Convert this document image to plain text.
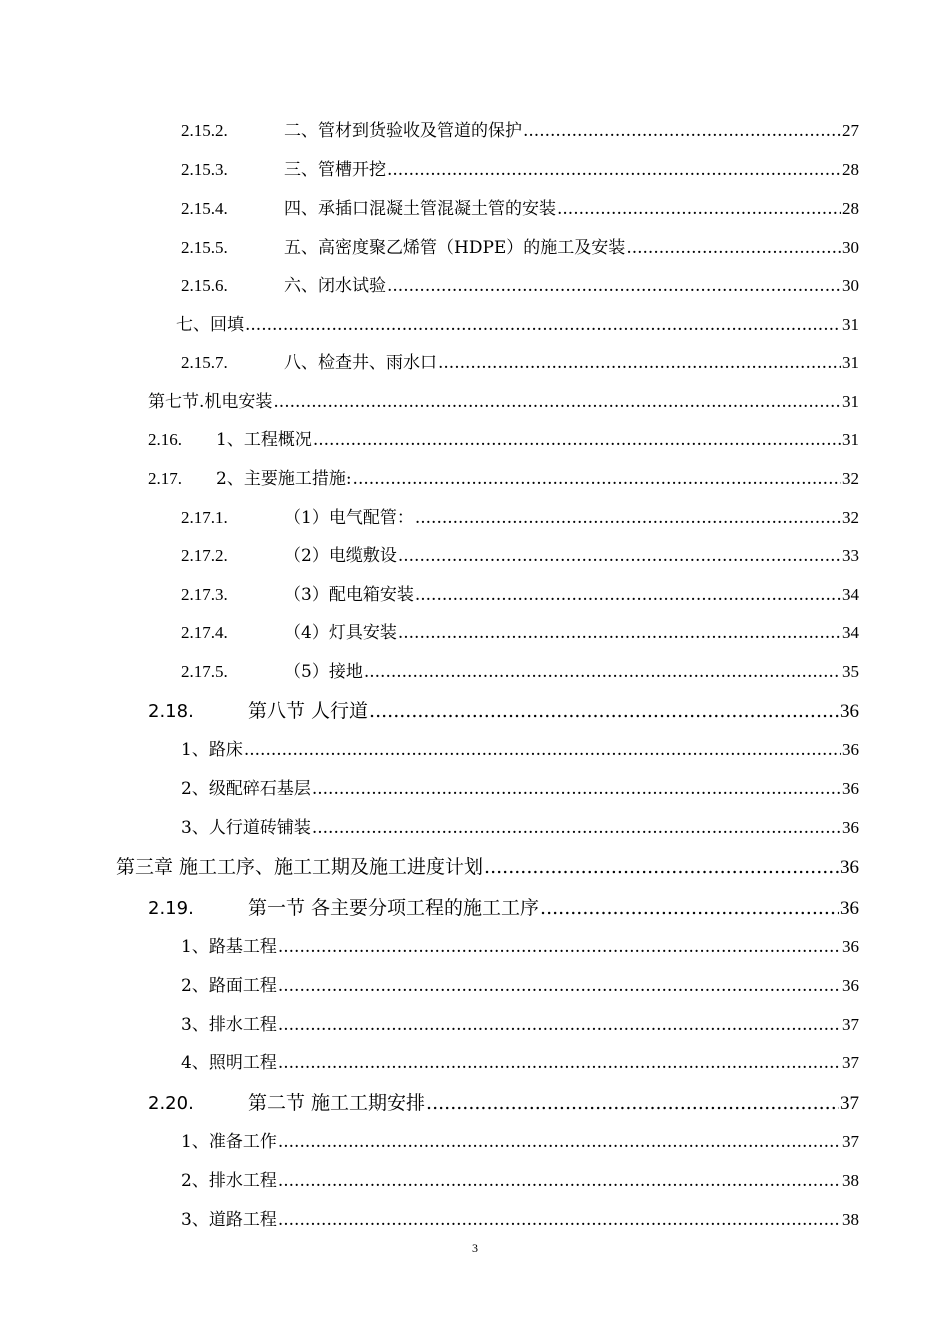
2.15.2.	二、管材到货验收及管道的保护 .....	27
2.15.3.	三、管槽开挖 .....	28
2.15.4.	四、承插口混凝土管混凝土管的安装 .....	28
2.15.5.	五、高密度聚乙烯管（HDPE）的施工及安装 .....	30
2.15.6.	六、闭水试验 .....	30
七、回填 .....	31
2.15.7.	八、检查井、雨水口 .....	31
第七节.机电安装 .....	31
2.16.	1、工程概况 .....	31
2.17.	2、主要施工措施: .....	32
2.17.1.	（1）电气配管： .....	32
2.17.2.	（2）电缆敷设 .....	33
2.17.3.	（3）配电箱安装 .....	34
2.17.4.	（4）灯具安装 .....	34
2.17.5.	（5）接地 .....	35
2.18.	第八节 人行道 .....	36
1、路床 .....	36
2、级配碎石基层 .....	36
3、人行道砖铺装 .....	36
第三章 施工工序、施工工期及施工进度计划 .....	36
2.19.	第一节 各主要分项工程的施工工序 .....	36
1、路基工程 .....	36
2、路面工程 .....	36
3、排水工程 .....	37
4、照明工程 .....	37
2.20.	第二节 施工工期安排 .....	37
1、准备工作 .....	37
2、排水工程 .....	38
3、道路工程 .....	38
3
